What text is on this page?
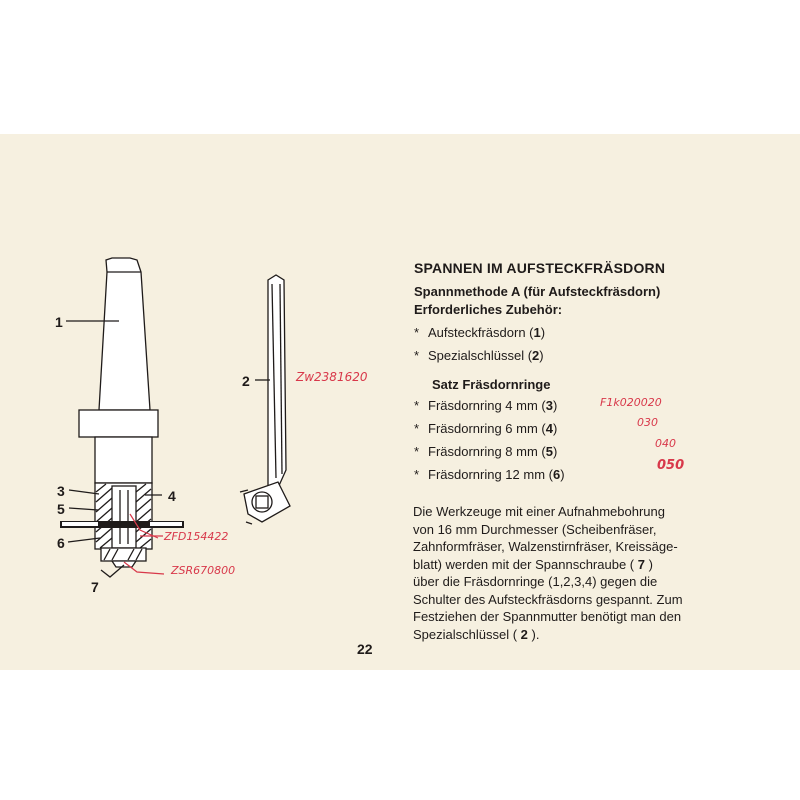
1
2
3	4
5
6
7
Zw2381620
ZFD154422
ZSR670800
SPANNEN IM AUFSTECKFRÄSDORN
Spannmethode A (für Aufsteckfräsdorn)
Erforderliches Zubehör:
* Aufsteckfräsdorn (1)
* Spezialschlüssel (2)
Satz Fräsdornringe
* Fräsdornring 4 mm (3)
* Fräsdornring 6 mm (4)
* Fräsdornring 8 mm (5)
* Fräsdornring 12 mm (6)
F1k020020
030
040
050
Die Werkzeuge mit einer Aufnahmebohrung
von 16 mm Durchmesser (Scheibenfräser,
Zahnformfräser, Walzenstirnfräser, Kreissäge-
blatt) werden mit der Spannschraube ( 7 )
über die Fräsdornringe (1,2,3,4) gegen die
Schulter des Aufsteckfräsdorns gespannt. Zum
Festziehen der Spannmutter benötigt man den
Spezialschlüssel ( 2 ).
22
